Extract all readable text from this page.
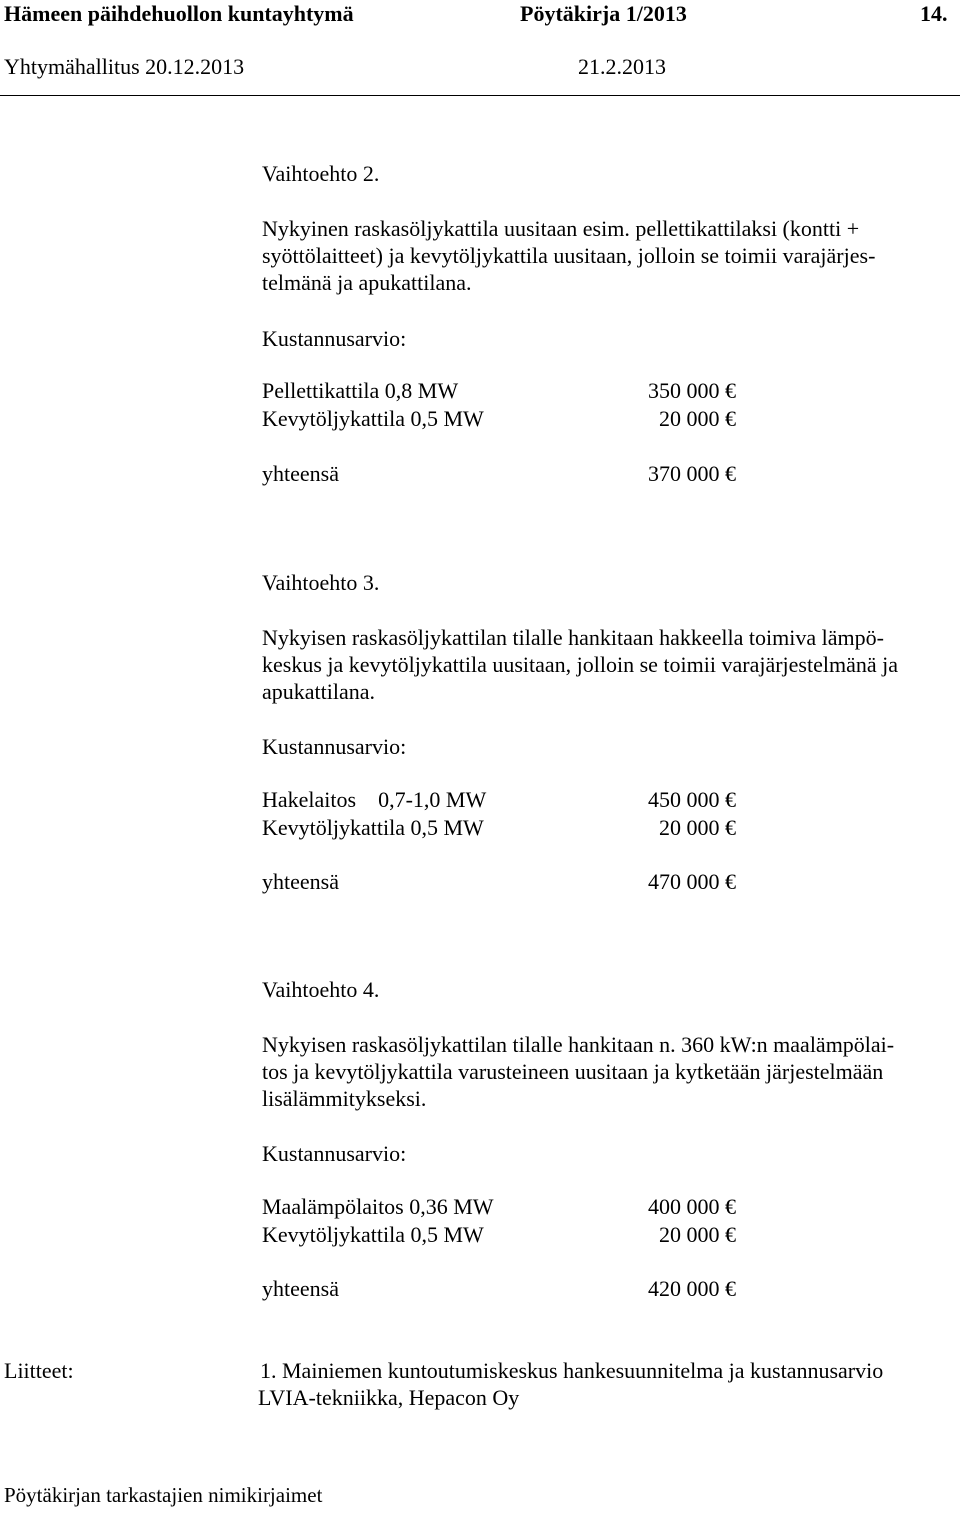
Hämeen päihdehuollon kuntayhtymä	Pöytäkirja 1/2013	14.
Yhtymähallitus 20.12.2013	21.2.2013
Vaihtoehto 2.
Nykyinen raskasöljykattila uusitaan esim. pellettikattilaksi (kontti +
syöttölaitteet) ja kevytöljykattila uusitaan, jolloin se toimii varajärjes-
telmänä ja apukattilana.
Kustannusarvio:
Pellettikattila 0,8 MW	350 000 €
Kevytöljykattila 0,5 MW	20 000 €
yhteensä	370 000 €
Vaihtoehto 3.
Nykyisen raskasöljykattilan tilalle hankitaan hakkeella toimiva lämpö-
keskus ja kevytöljykattila uusitaan, jolloin se toimii varajärjestelmänä ja
apukattilana.
Kustannusarvio:
Hakelaitos    0,7-1,0 MW	450 000 €
Kevytöljykattila 0,5 MW	20 000 €
yhteensä	470 000 €
Vaihtoehto 4.
Nykyisen raskasöljykattilan tilalle hankitaan n. 360 kW:n maalämpölai-
tos ja kevytöljykattila varusteineen uusitaan ja kytketään järjestelmään
lisälämmitykseksi.
Kustannusarvio:
Maalämpölaitos 0,36 MW	400 000 €
Kevytöljykattila 0,5 MW	20 000 €
yhteensä	420 000 €
Liitteet:	1. Mainiemen kuntoutumiskeskus hankesuunnitelma ja kustannusarvio
LVIA-tekniikka, Hepacon Oy
Pöytäkirjan tarkastajien nimikirjaimet
